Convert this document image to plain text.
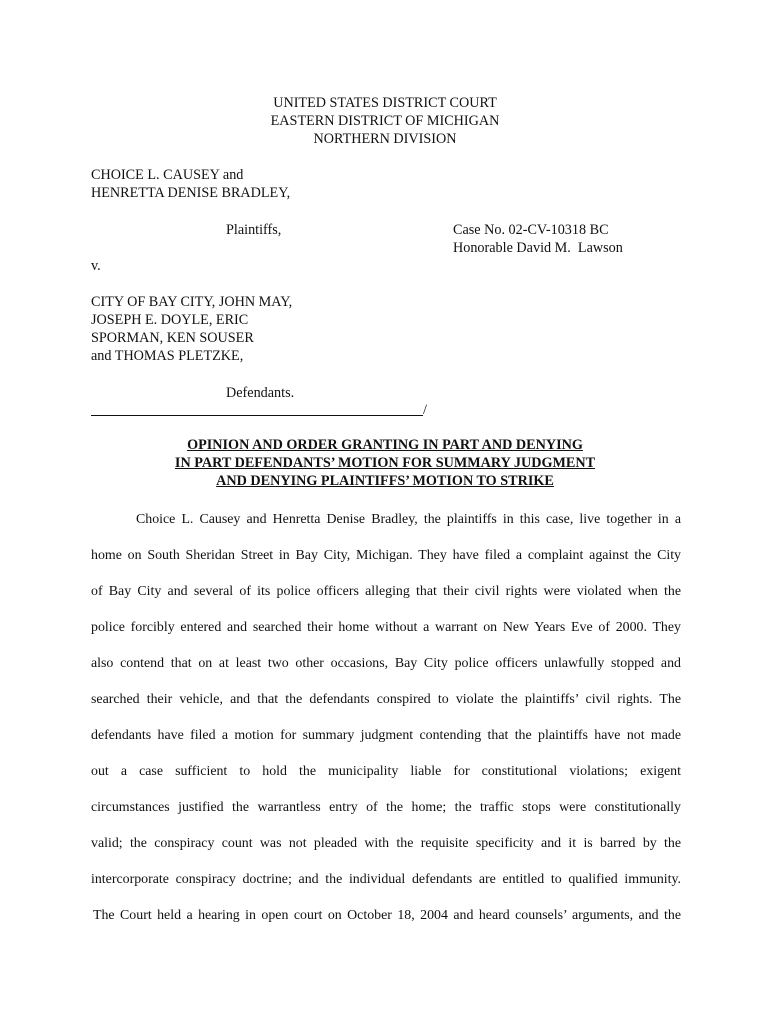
UNITED STATES DISTRICT COURT
EASTERN DISTRICT OF MICHIGAN
NORTHERN DIVISION
CHOICE L. CAUSEY and
HENRETTA DENISE BRADLEY,
Plaintiffs,	Case No. 02-CV-10318 BC
Honorable David M.  Lawson
v.
CITY OF BAY CITY, JOHN MAY,
JOSEPH E. DOYLE, ERIC
SPORMAN, KEN SOUSER
and THOMAS PLETZKE,
Defendants.
/
OPINION AND ORDER GRANTING IN PART AND DENYING
IN PART DEFENDANTS’ MOTION FOR SUMMARY JUDGMENT
AND DENYING PLAINTIFFS’ MOTION TO STRIKE
Choice L. Causey and Henretta Denise Bradley, the plaintiffs in this case, live together in a
home on South Sheridan Street in Bay City, Michigan. They have filed a complaint against the City
of Bay City and several of its police officers alleging that their civil rights were violated when the
police forcibly entered and searched their home without a warrant on New Years Eve of 2000. They
also contend that on at least two other occasions, Bay City police officers unlawfully stopped and
searched their vehicle, and that the defendants conspired to violate the plaintiffs’ civil rights. The
defendants have filed a motion for summary judgment contending that the plaintiffs have not made
out a case sufficient to hold the municipality liable for constitutional violations; exigent
circumstances justified the warrantless entry of the home; the traffic stops were constitutionally
valid; the conspiracy count was not pleaded with the requisite specificity and it is barred by the
intercorporate conspiracy doctrine; and the individual defendants are entitled to qualified immunity.
The Court held a hearing in open court on October 18, 2004 and heard counsels’ arguments, and the
